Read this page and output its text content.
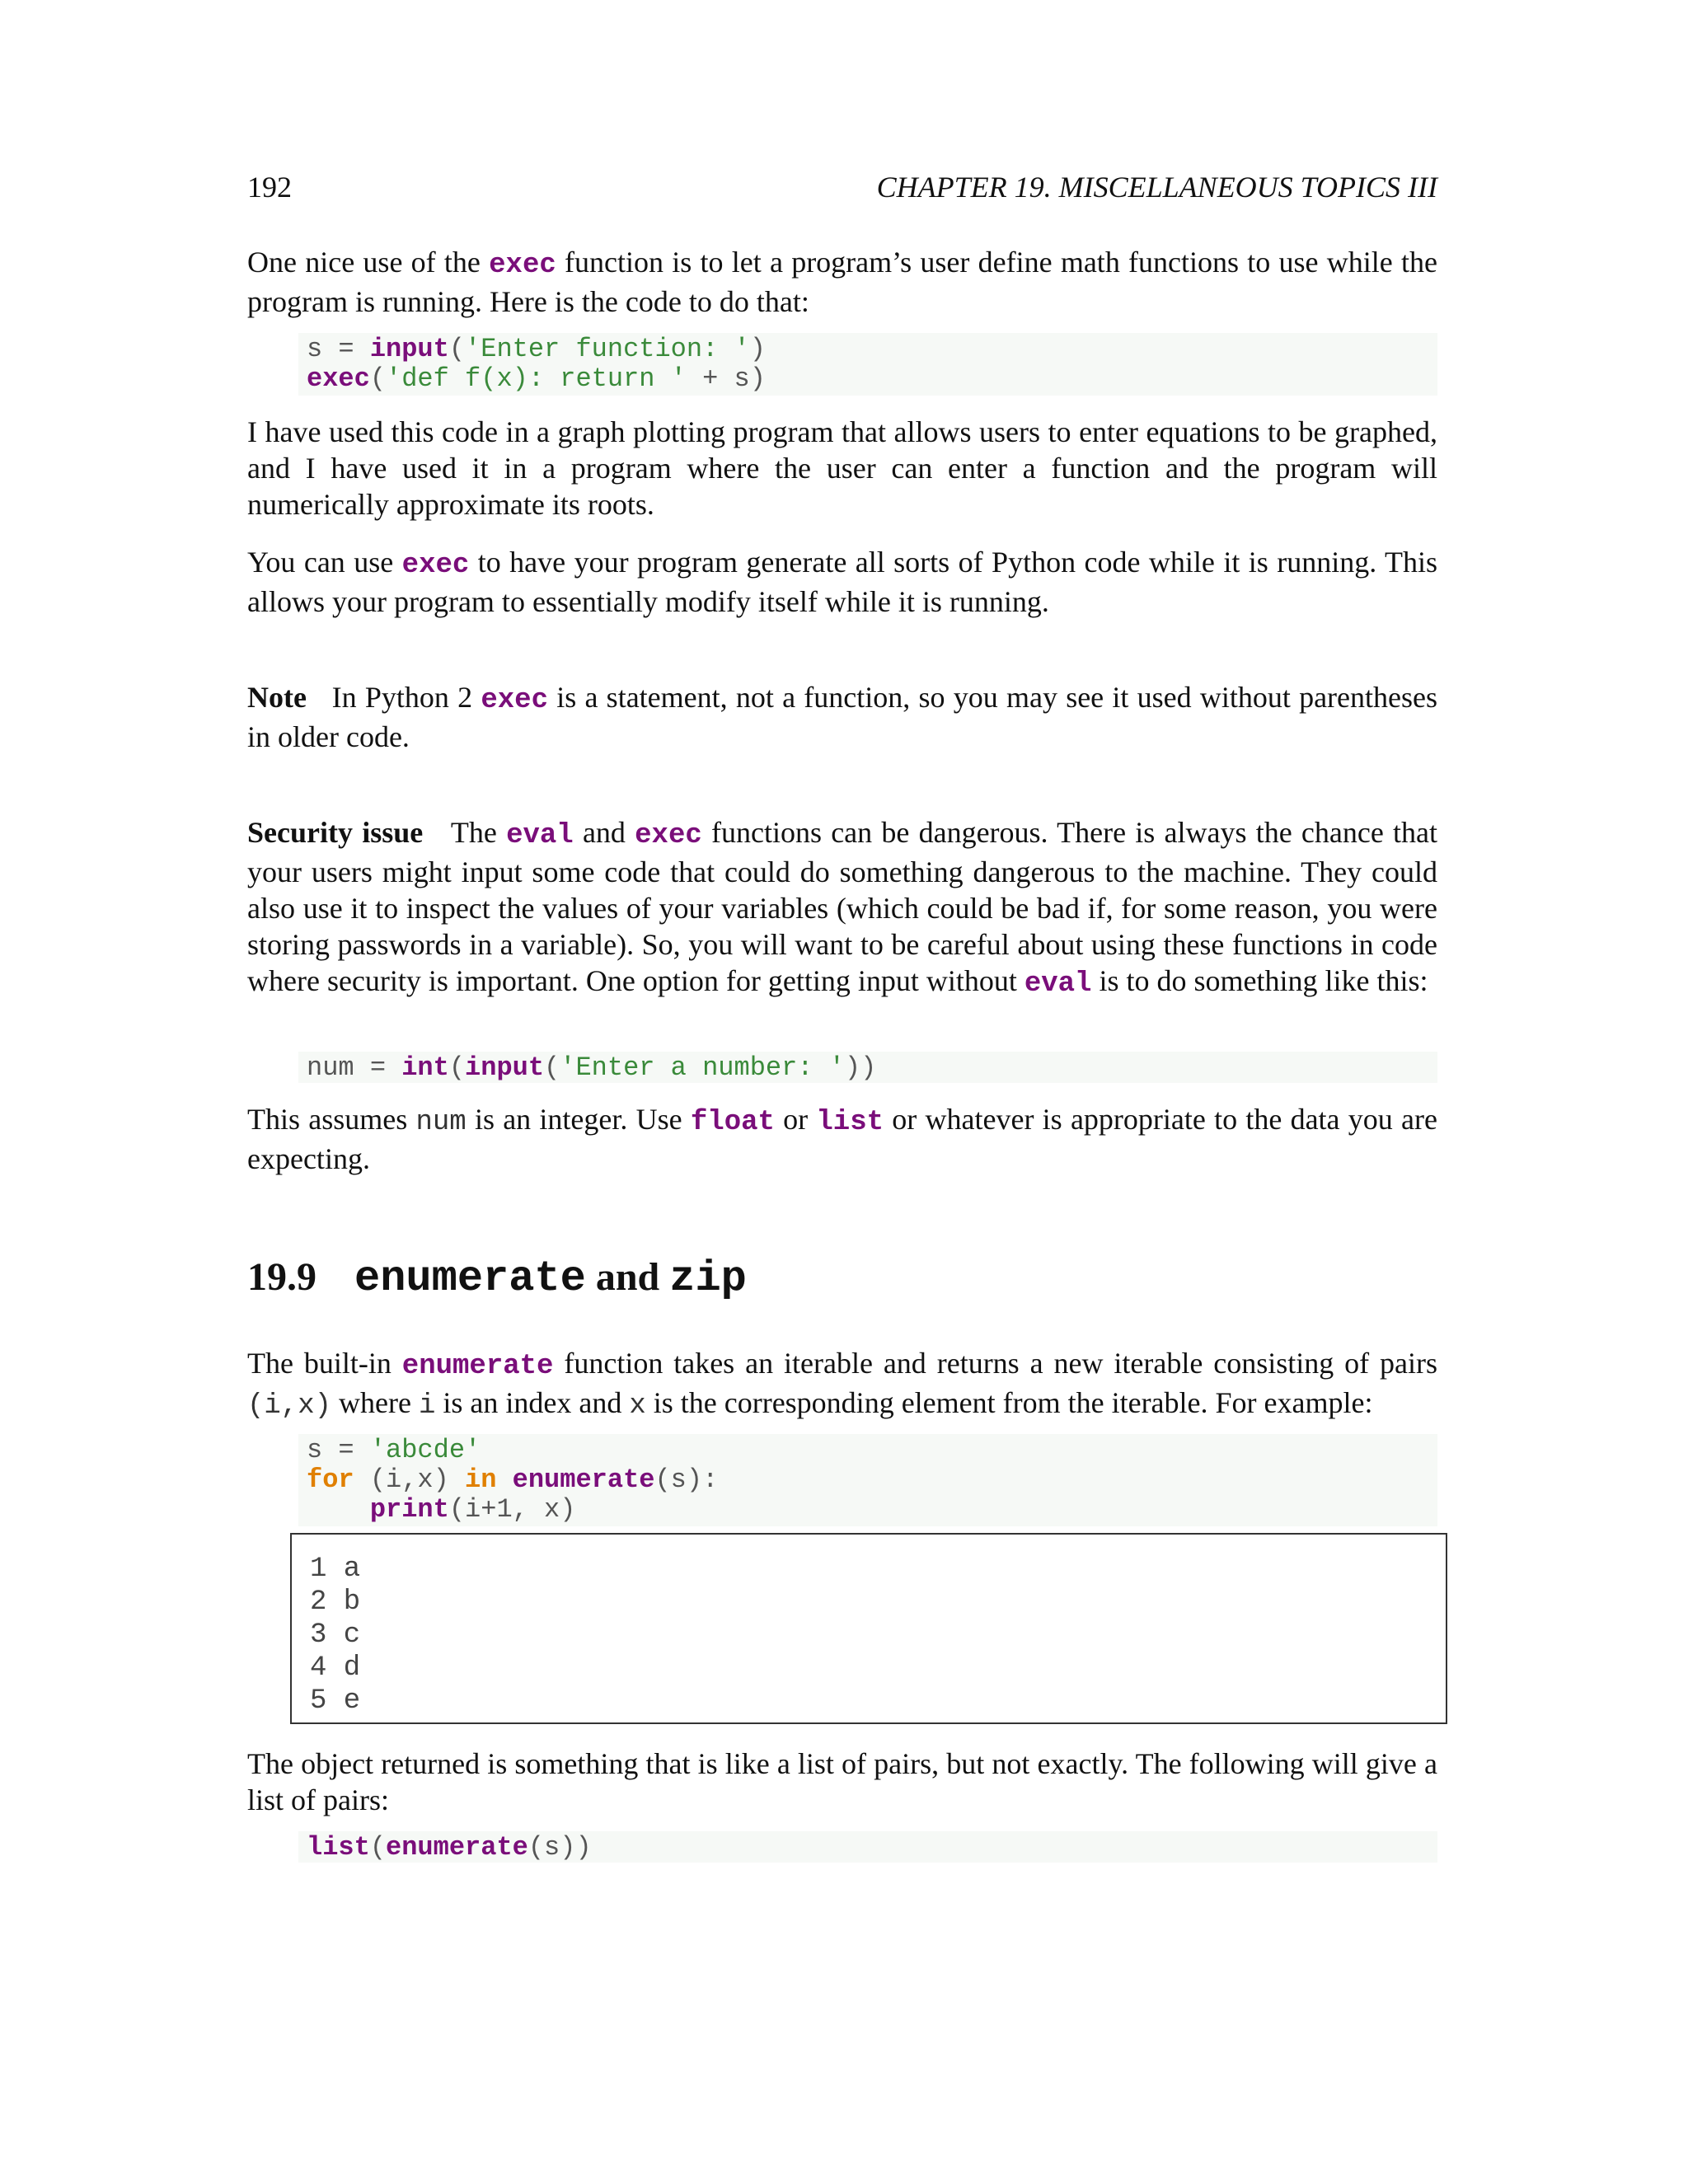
192	CHAPTER 19. MISCELLANEOUS TOPICS III

One nice use of the exec function is to let a program’s user define math functions to use while the program is running. Here is the code to do that:

s = input('Enter function: ')
exec('def f(x): return ' + s)

I have used this code in a graph plotting program that allows users to enter equations to be graphed, and I have used it in a program where the user can enter a function and the program will numerically approximate its roots.

You can use exec to have your program generate all sorts of Python code while it is running. This allows your program to essentially modify itself while it is running.

Note In Python 2 exec is a statement, not a function, so you may see it used without parentheses in older code.

Security issue The eval and exec functions can be dangerous. There is always the chance that your users might input some code that could do something dangerous to the machine. They could also use it to inspect the values of your variables (which could be bad if, for some reason, you were storing passwords in a variable). So, you will want to be careful about using these functions in code where security is important. One option for getting input without eval is to do something like this:

num = int(input('Enter a number: '))

This assumes num is an integer. Use float or list or whatever is appropriate to the data you are expecting.

19.9 enumerate and zip

The built-in enumerate function takes an iterable and returns a new iterable consisting of pairs (i,x) where i is an index and x is the corresponding element from the iterable. For example:

s = 'abcde'
for (i,x) in enumerate(s):
print(i+1, x)
1 a
2 b
3 c
4 d
5 e

The object returned is something that is like a list of pairs, but not exactly. The following will give a list of pairs:

list(enumerate(s))
